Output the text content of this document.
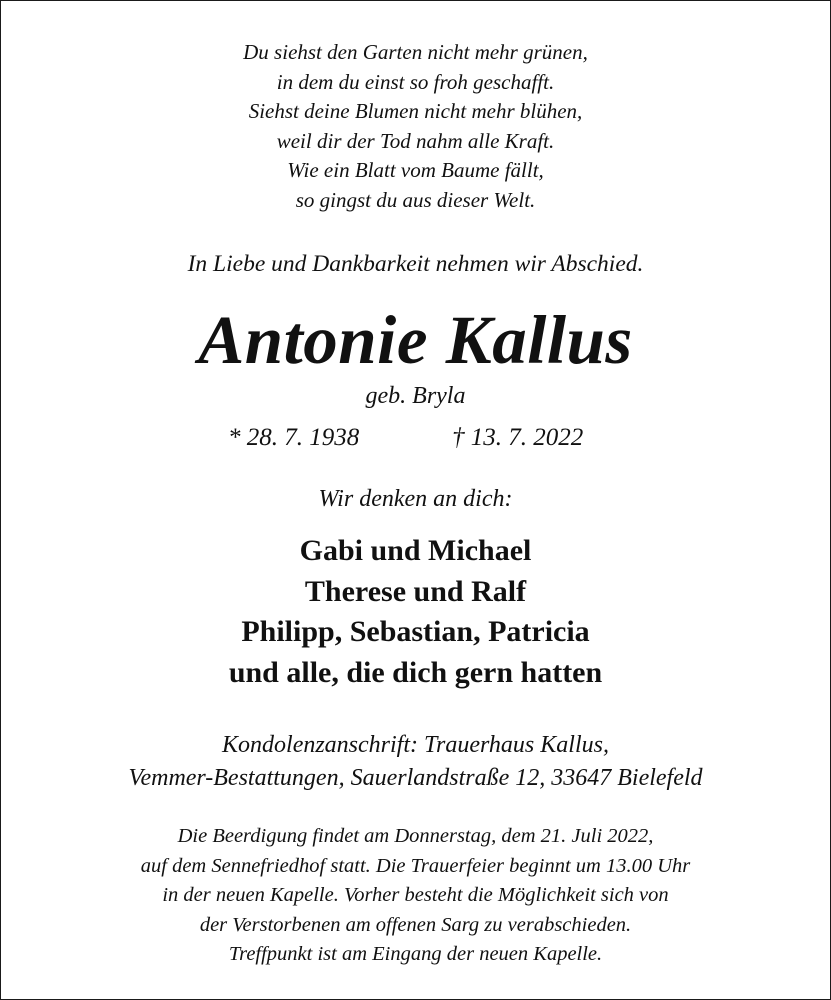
Du siehst den Garten nicht mehr grünen,
in dem du einst so froh geschafft.
Siehst deine Blumen nicht mehr blühen,
weil dir der Tod nahm alle Kraft.
Wie ein Blatt vom Baume fällt,
so gingst du aus dieser Welt.
In Liebe und Dankbarkeit nehmen wir Abschied.
Antonie Kallus
geb. Bryla
* 28. 7. 1938	† 13. 7. 2022
Wir denken an dich:
Gabi und Michael
Therese und Ralf
Philipp, Sebastian, Patricia
und alle, die dich gern hatten
Kondolenzanschrift: Trauerhaus Kallus,
Vemmer-Bestattungen, Sauerlandstraße 12, 33647 Bielefeld
Die Beerdigung findet am Donnerstag, dem 21. Juli 2022,
auf dem Sennefriedhof statt. Die Trauerfeier beginnt um 13.00 Uhr
in der neuen Kapelle. Vorher besteht die Möglichkeit sich von
der Verstorbenen am offenen Sarg zu verabschieden.
Treffpunkt ist am Eingang der neuen Kapelle.
